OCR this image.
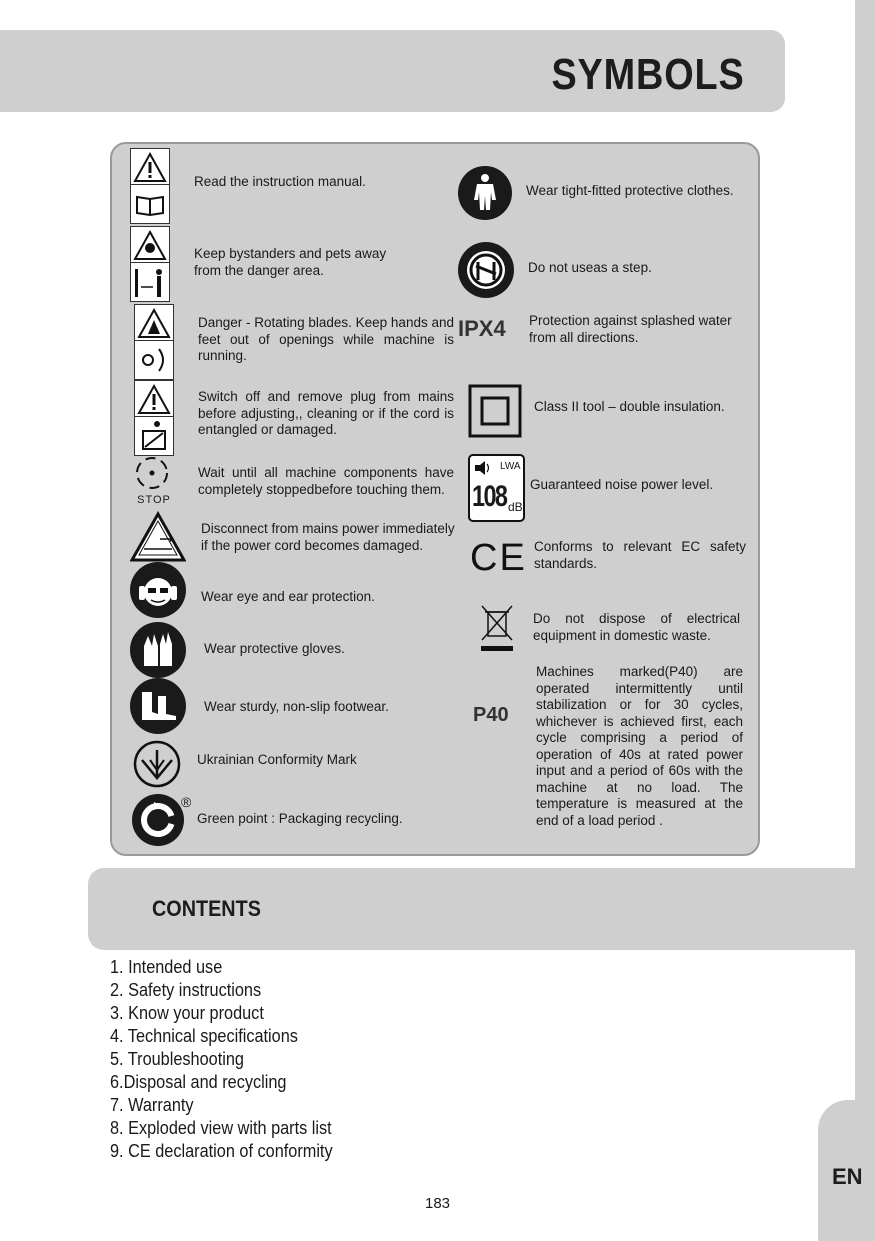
SYMBOLS
Read the instruction manual.
Keep bystanders and pets away from the danger area.
Danger - Rotating blades. Keep hands and feet out of openings while machine is running.
Switch off and remove plug from mains before adjusting,, cleaning or if the cord is entangled or damaged.
STOP
Wait until all machine components have completely stoppedbefore touching them.
Disconnect from mains power immediately if the power cord becomes damaged.
Wear eye and ear protection.
Wear protective gloves.
Wear sturdy, non-slip footwear.
Ukrainian Conformity Mark
®
Green point : Packaging recycling.
Wear tight-fitted protective clothes.
Do not useas a step.
IPX4 Protection against splashed water from all directions.
Class II tool – double insulation.
LWA
108 dB
Guaranteed noise power level.
CE Conforms to relevant EC safety standards.
Do not dispose of electrical equipment in domestic waste.
P40
Machines marked(P40) are operated intermittently until stabilization or for 30 cycles, whichever is achieved first, each cycle comprising a period of operation of 40s at rated power input and a period of 60s with the machine at no load. The temperature is measured at the end of a load period .
CONTENTS
1. Intended use
2. Safety instructions
3. Know your product
4. Technical specifications
5. Troubleshooting
6.Disposal and recycling
7. Warranty
8. Exploded view with parts list
9. CE declaration of conformity
EN
183
